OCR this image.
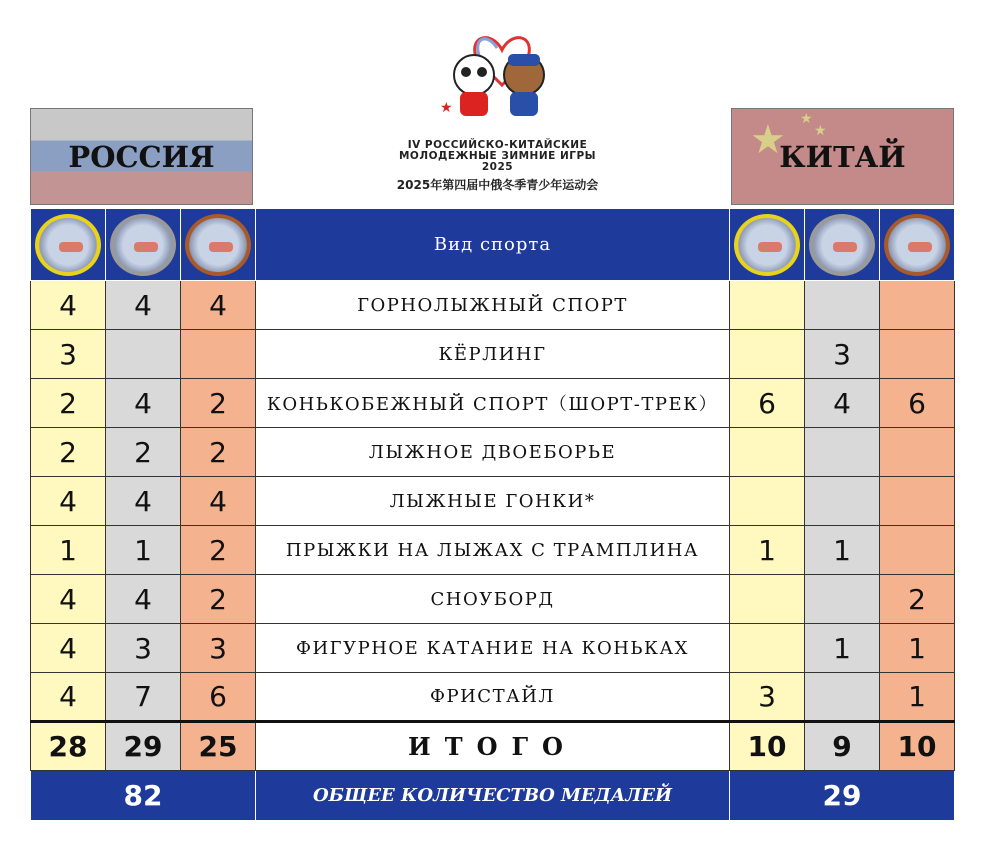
★
IV РОССИЙСКО-КИТАЙСКИЕ
МОЛОДЕЖНЫЕ ЗИМНИЕ ИГРЫ
2025
2025年第四届中俄冬季青少年运动会
РОССИЯ	★ ★
★
КИТАЙ

	Вид спорта	

4	4	4	ГОРНОЛЫЖНЫЙ СПОРТ			
3			КЁРЛИНГ		3	
2	4	2	КОНЬКОБЕЖНЫЙ СПОРТ（ШОРТ-ТРЕК）	6	4	6
2	2	2	ЛЫЖНОЕ ДВОЕБОРЬЕ			
4	4	4	ЛЫЖНЫЕ ГОНКИ*			
1	1	2	ПРЫЖКИ НА ЛЫЖАХ С ТРАМПЛИНА	1	1	
4	4	2	СНОУБОРД			2
4	3	3	ФИГУРНОЕ КАТАНИЕ НА КОНЬКАХ		1	1
4	7	6	ФРИСТАЙЛ	3		1
28	29	25	ИТОГО	10	9	10
82			ОБЩЕЕ КОЛИЧЕСТВО МЕДАЛЕЙ	29		
